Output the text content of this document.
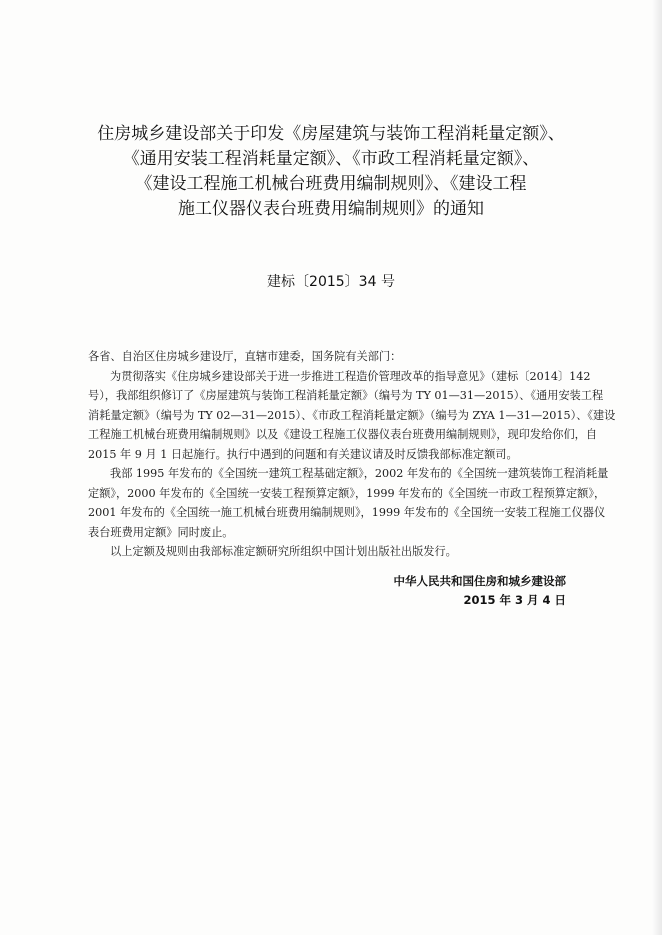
住房城乡建设部关于印发《房屋建筑与装饰工程消耗量定额》、
《通用安装工程消耗量定额》、《市政工程消耗量定额》、
《建设工程施工机械台班费用编制规则》、《建设工程
施工仪器仪表台班费用编制规则》的通知
建标〔2015〕34 号
各省、自治区住房城乡建设厅，直辖市建委，国务院有关部门：
为贯彻落实《住房城乡建设部关于进一步推进工程造价管理改革的指导意见》（建标〔2014〕142
号），我部组织修订了《房屋建筑与装饰工程消耗量定额》（编号为 TY 01—31—2015）、《通用安装工程
消耗量定额》（编号为 TY 02—31—2015）、《市政工程消耗量定额》（编号为 ZYA 1—31—2015）、《建设
工程施工机械台班费用编制规则》以及《建设工程施工仪器仪表台班费用编制规则》，现印发给你们，自
2015 年 9 月 1 日起施行。执行中遇到的问题和有关建议请及时反馈我部标准定额司。
我部 1995 年发布的《全国统一建筑工程基础定额》，2002 年发布的《全国统一建筑装饰工程消耗量
定额》，2000 年发布的《全国统一安装工程预算定额》，1999 年发布的《全国统一市政工程预算定额》，
2001 年发布的《全国统一施工机械台班费用编制规则》，1999 年发布的《全国统一安装工程施工仪器仪
表台班费用定额》同时废止。
以上定额及规则由我部标准定额研究所组织中国计划出版社出版发行。
中华人民共和国住房和城乡建设部
2015 年 3 月 4 日
